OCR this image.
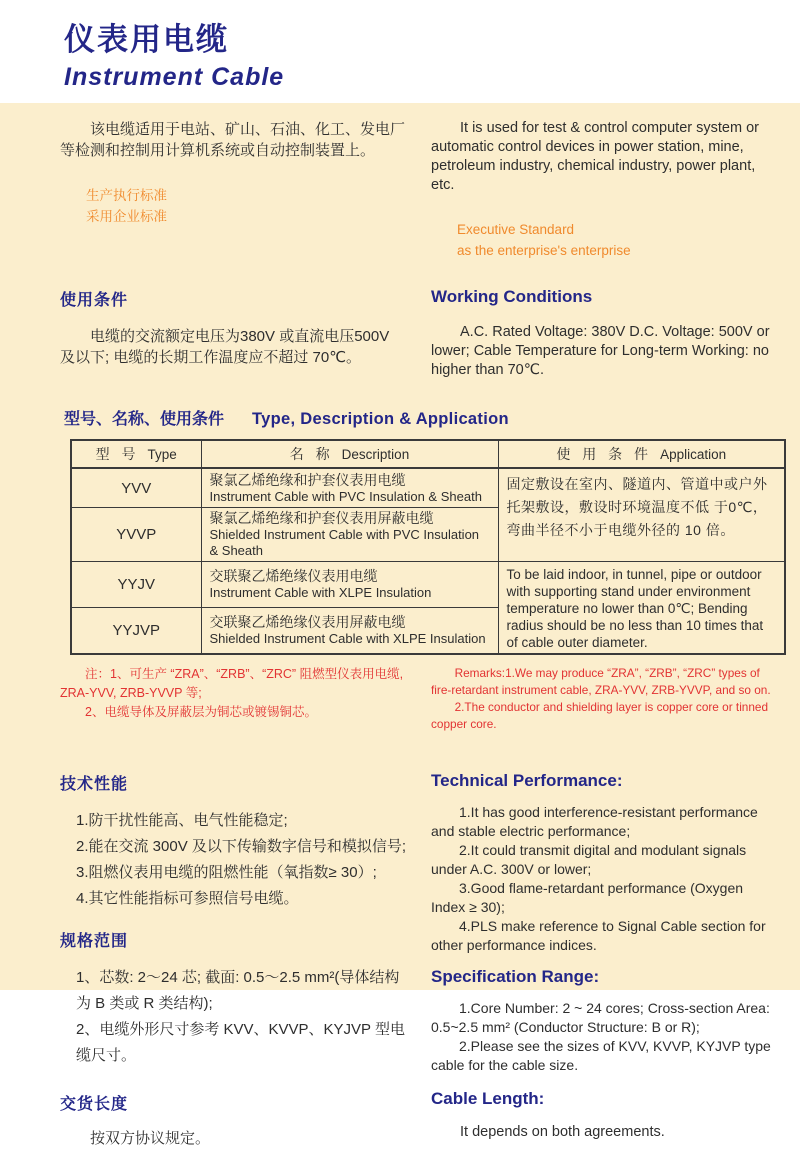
仪表用电缆
Instrument Cable

该电缆适用于电站、矿山、石油、化工、发电厂等检测和控制用计算机系统或自动控制装置上。

生产执行标准

采用企业标准

It is used for test & control computer system or automatic control devices in power station, mine, petroleum industry, chemical industry, power plant, etc.

Executive Standard

as the enterprise's enterprise

使用条件

电缆的交流额定电压为380V 或直流电压500V 及以下; 电缆的长期工作温度应不超过 70℃。

Working Conditions

A.C. Rated Voltage: 380V D.C. Voltage: 500V or lower; Cable Temperature for Long-term Working: no higher than 70℃.

型号、名称、使用条件 Type, Description & Application
型 号 Type	名 称 Description	使 用 条 件 Application
YVV	聚氯乙烯绝缘和护套仪表用电缆
Instrument Cable with PVC Insulation & Sheath	固定敷设在室内、隧道内、管道中或户外托架敷设，敷设时环境温度不低 于0℃，弯曲半径不小于电缆外径的 10 倍。

YVVP	聚氯乙烯绝缘和护套仪表用屏蔽电缆
Shielded Instrument Cable with PVC Insulation & Sheath	

YYJV	交联聚乙烯绝缘仪表用电缆
Instrument Cable with XLPE Insulation	To be laid indoor, in tunnel, pipe or outdoor with supporting stand under environment temperature no lower than 0℃; Bending radius should be no less than 10 times that of cable outer diameter.

YYJVP	交联聚乙烯绝缘仪表用屏蔽电缆
Shielded Instrument Cable with XLPE Insulation	

注：1、可生产 “ZRA”、“ZRB”、“ZRC” 阻燃型仪表用电缆, ZRA-YVV, ZRB-YVVP 等;

2、电缆导体及屏蔽层为铜芯或镀锡铜芯。

Remarks:1.We may produce “ZRA”, “ZRB”, “ZRC” types of fire-retardant instrument cable, ZRA-YVV, ZRB-YVVP, and so on.

2.The conductor and shielding layer is copper core or tinned copper core.

技术性能

1.防干扰性能高、电气性能稳定;

2.能在交流 300V 及以下传输数字信号和模拟信号;

3.阻燃仪表用电缆的阻燃性能（氧指数≥ 30）;

4.其它性能指标可参照信号电缆。

规格范围

1、芯数: 2～24 芯; 截面: 0.5～2.5 mm²(导体结构为 B 类或 R 类结构);

2、电缆外形尺寸参考 KVV、KVVP、KYJVP 型电缆尺寸。

交货长度

按双方协议规定。

Technical Performance:

1.It has good interference-resistant performance and stable electric performance;

2.It could transmit digital and modulant signals under A.C. 300V or lower;

3.Good flame-retardant performance (Oxygen Index ≥ 30);

4.PLS make reference to Signal Cable section for other performance indices.

Specification Range:

1.Core Number: 2 ~ 24 cores; Cross-section Area: 0.5~2.5 mm² (Conductor Structure: B or R);

2.Please see the sizes of KVV, KVVP, KYJVP type cable for the cable size.

Cable Length:

It depends on both agreements.
